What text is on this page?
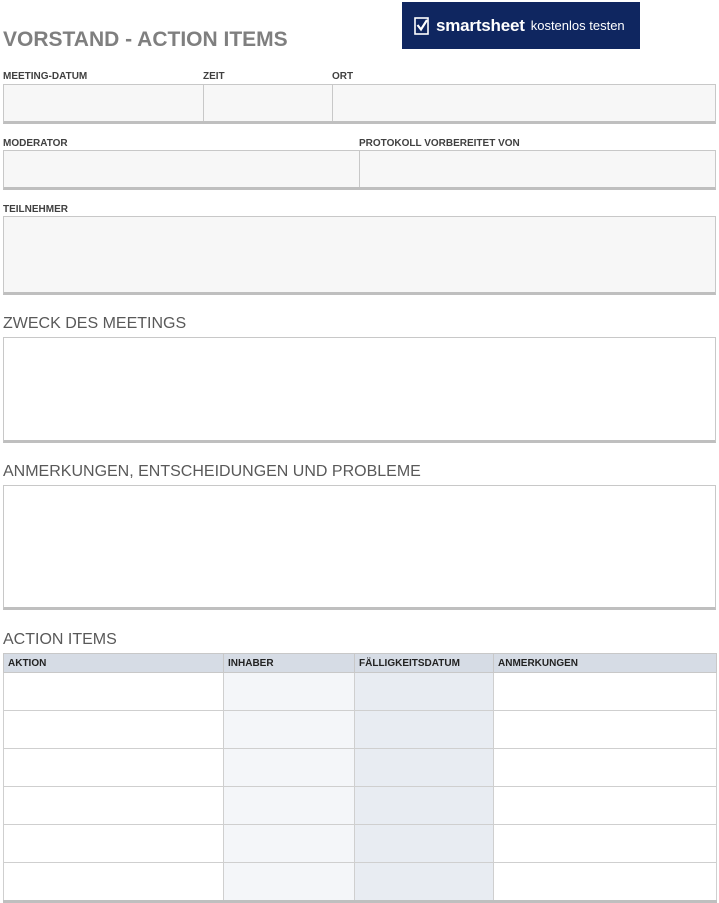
VORSTAND - ACTION ITEMS
smartsheet kostenlos testen
MEETING-DATUM	ZEIT	ORT
MODERATOR	PROTOKOLL VORBEREITET VON
TEILNEHMER
ZWECK DES MEETINGS
ANMERKUNGEN, ENTSCHEIDUNGEN UND PROBLEME
ACTION ITEMS
AKTION	INHABER	FÄLLIGKEITSDATUM	ANMERKUNGEN
